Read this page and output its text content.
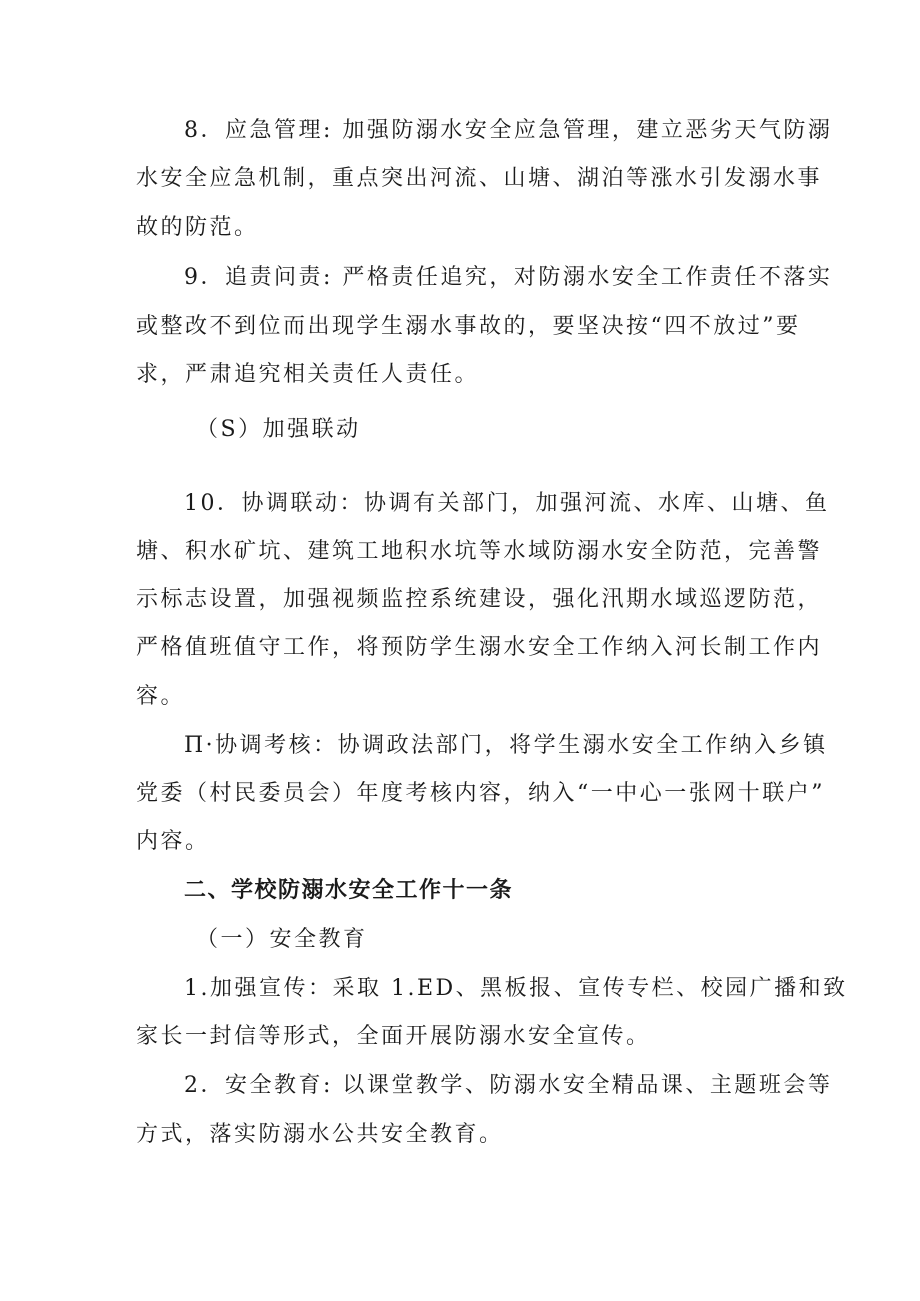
8．应急管理: 加强防溺水安全应急管理，建立恶劣天气防溺
水安全应急机制，重点突出河流、山塘、湖泊等涨水引发溺水事
故的防范。
9．追责问责: 严格责任追究，对防溺水安全工作责任不落实
或整改不到位而出现学生溺水事故的，要坚决按“四不放过”要
求，严肃追究相关责任人责任。
（S）加强联动
10．协调联动：协调有关部门，加强河流、水库、山塘、鱼
塘、积水矿坑、建筑工地积水坑等水域防溺水安全防范，完善警
示标志设置，加强视频监控系统建设，强化汛期水域巡逻防范，
严格值班值守工作，将预防学生溺水安全工作纳入河长制工作内
容。
П·协调考核：协调政法部门，将学生溺水安全工作纳入乡镇
党委（村民委员会）年度考核内容，纳入“一中心一张网十联户”
内容。
二、学校防溺水安全工作十一条
（一）安全教育
1.加强宣传：采取 1.ED、黑板报、宣传专栏、校园广播和致
家长一封信等形式，全面开展防溺水安全宣传。
2．安全教育: 以课堂教学、防溺水安全精品课、主题班会等
方式，落实防溺水公共安全教育。
